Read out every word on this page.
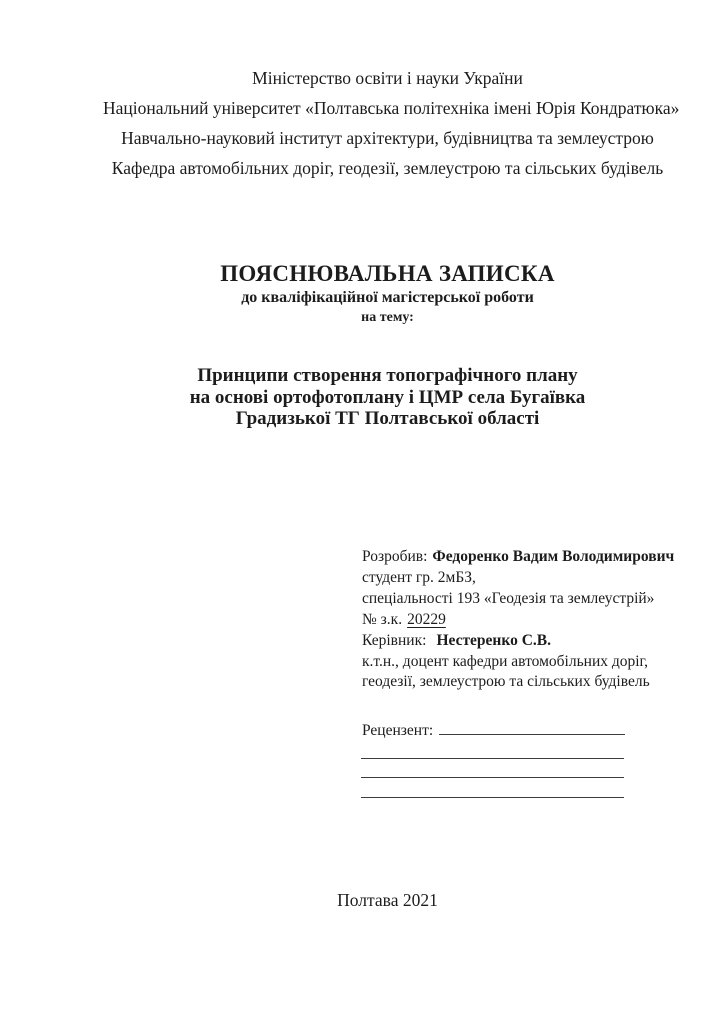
Міністерство освіти і науки України
Національний університет «Полтавська політехніка імені Юрія Кондратюка»
Навчально-науковий інститут архітектури, будівництва та землеустрою
Кафедра автомобільних доріг, геодезії, землеустрою та сільських будівель
ПОЯСНЮВАЛЬНА ЗАПИСКА
до кваліфікаційної магістерської роботи
на тему:
Принципи створення топографічного плану
на основі ортофотоплану і ЦМР села Бугаївка
Градизької ТГ Полтавської області
Розробив: Федоренко Вадим Володимирович
студент гр. 2мБЗ,
спеціальності 193 «Геодезія та землеустрій»
№ з.к. 20229
Керівник: Нестеренко С.В.
к.т.н., доцент кафедри автомобільних доріг,
геодезії, землеустрою та сільських будівель
Рецензент:
Полтава 2021
